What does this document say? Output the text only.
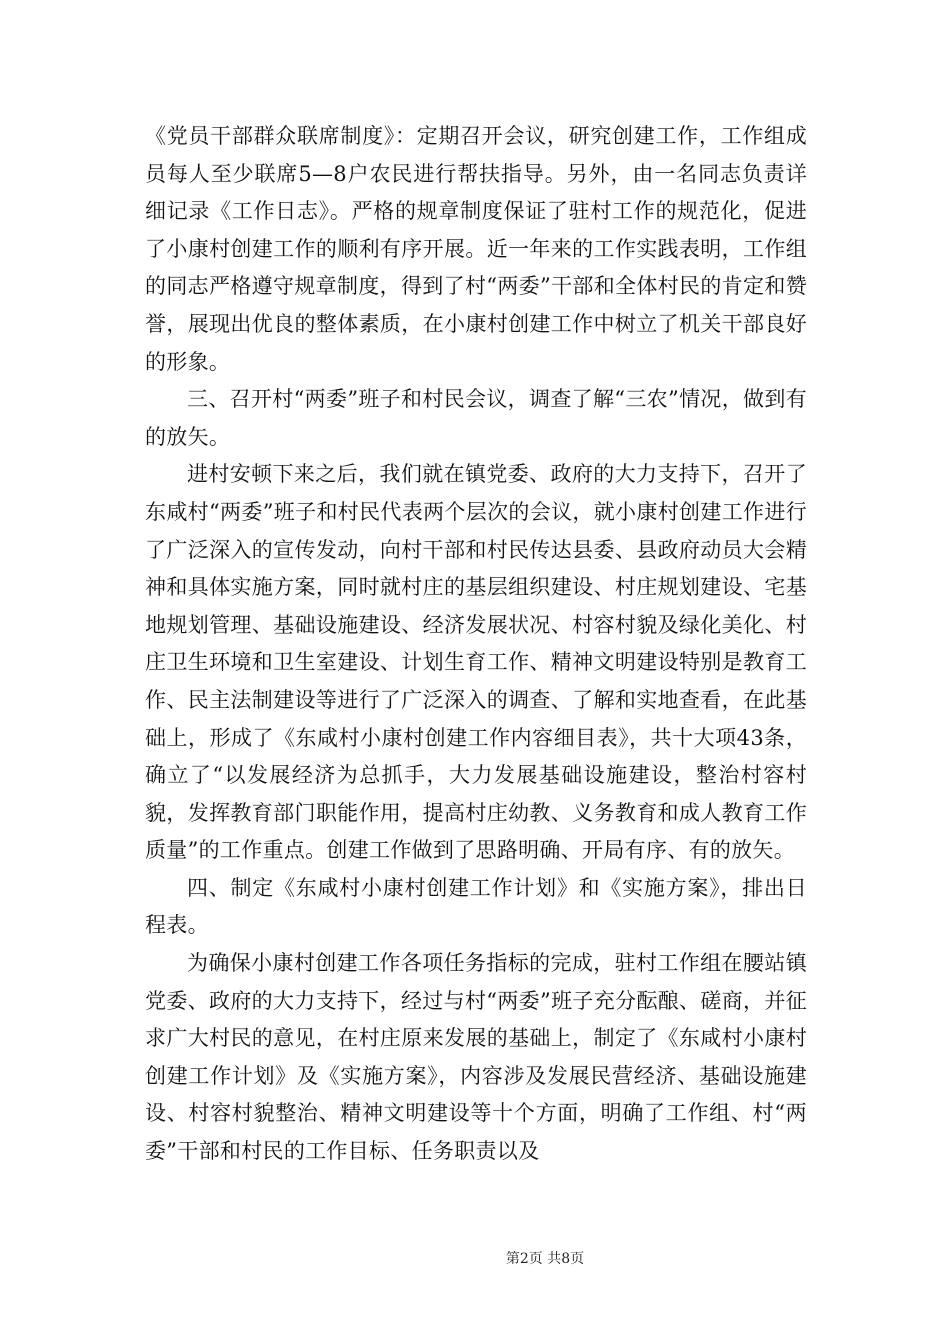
《党员干部群众联席制度》：定期召开会议，研究创建工作，工作组成员每人至少联席5—8户农民进行帮扶指导。另外，由一名同志负责详细记录《工作日志》。严格的规章制度保证了驻村工作的规范化，促进了小康村创建工作的顺利有序开展。近一年来的工作实践表明，工作组的同志严格遵守规章制度，得到了村“两委”干部和全体村民的肯定和赞誉，展现出优良的整体素质，在小康村创建工作中树立了机关干部良好的形象。

三、召开村“两委”班子和村民会议，调查了解“三农”情况，做到有的放矢。

进村安顿下来之后，我们就在镇党委、政府的大力支持下，召开了东咸村“两委”班子和村民代表两个层次的会议，就小康村创建工作进行了广泛深入的宣传发动，向村干部和村民传达县委、县政府动员大会精神和具体实施方案，同时就村庄的基层组织建设、村庄规划建设、宅基地规划管理、基础设施建设、经济发展状况、村容村貌及绿化美化、村庄卫生环境和卫生室建设、计划生育工作、精神文明建设特别是教育工作、民主法制建设等进行了广泛深入的调查、了解和实地查看，在此基础上，形成了《东咸村小康村创建工作内容细目表》，共十大项43条，确立了“以发展经济为总抓手，大力发展基础设施建设，整治村容村貌，发挥教育部门职能作用，提高村庄幼教、义务教育和成人教育工作质量”的工作重点。创建工作做到了思路明确、开局有序、有的放矢。

四、制定《东咸村小康村创建工作计划》和《实施方案》，排出日程表。

为确保小康村创建工作各项任务指标的完成，驻村工作组在腰站镇党委、政府的大力支持下，经过与村“两委”班子充分酝酿、磋商，并征求广大村民的意见，在村庄原来发展的基础上，制定了《东咸村小康村创建工作计划》及《实施方案》，内容涉及发展民营经济、基础设施建设、村容村貌整治、精神文明建设等十个方面，明确了工作组、村“两委”干部和村民的工作目标、任务职责以及

第2页 共8页
